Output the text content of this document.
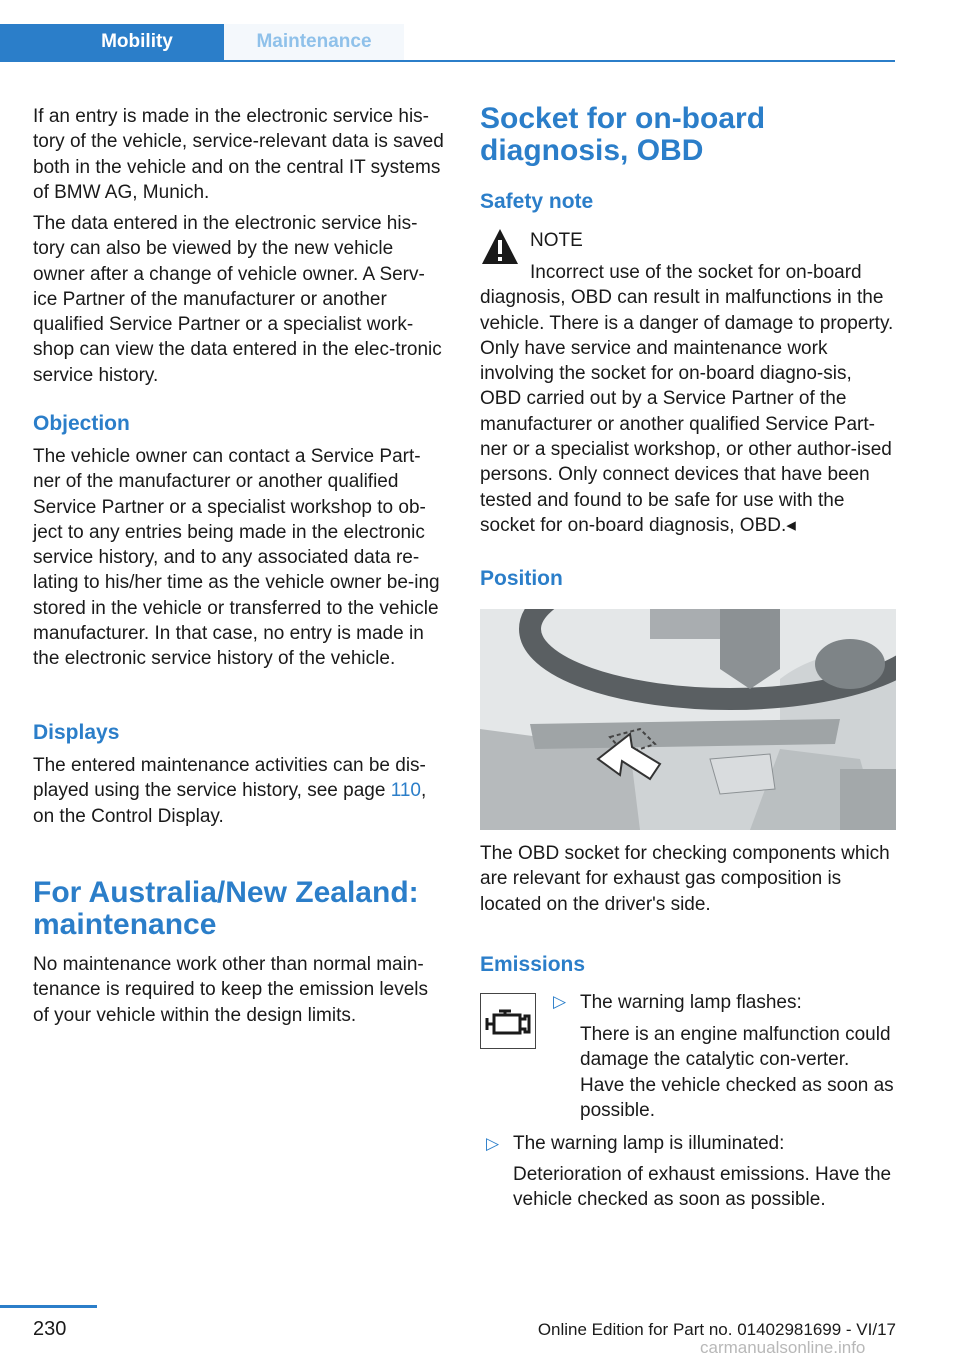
Mobility	Maintenance

If an entry is made in the electronic service his-tory of the vehicle, service-relevant data is saved both in the vehicle and on the central IT systems of BMW AG, Munich.

The data entered in the electronic service his-tory can also be viewed by the new vehicle owner after a change of vehicle owner. A Serv-ice Partner of the manufacturer or another qualified Service Partner or a specialist work-shop can view the data entered in the elec-tronic service history.

Objection

The vehicle owner can contact a Service Part-ner of the manufacturer or another qualified Service Partner or a specialist workshop to ob-ject to any entries being made in the electronic service history, and to any associated data re-lating to his/her time as the vehicle owner be-ing stored in the vehicle or transferred to the vehicle manufacturer. In that case, no entry is made in the electronic service history of the vehicle.

Displays

The entered maintenance activities can be dis-played using the service history, see page 110, on the Control Display.

For Australia/New Zealand: maintenance

No maintenance work other than normal main-tenance is required to keep the emission levels of your vehicle within the design limits.

Socket for on-board diagnosis, OBD
Safety note

NOTE

Incorrect use of the socket for on-board diagnosis, OBD can result in malfunctions in the vehicle. There is a danger of damage to property. Only have service and maintenance work involving the socket for on-board diagno-sis, OBD carried out by a Service Partner of the manufacturer or another qualified Service Part-ner or a specialist workshop, or other author-ised persons. Only connect devices that have been tested and found to be safe for use with the socket for on-board diagnosis, OBD.◂

Position

The OBD socket for checking components which are relevant for exhaust gas composition is located on the driver's side.

Emissions
▷ The warning lamp flashes:

There is an engine malfunction could damage the catalytic con-verter. Have the vehicle checked as soon as possible.

▷ The warning lamp is illuminated:

Deterioration of exhaust emissions. Have the vehicle checked as soon as possible.

230	Online Edition for Part no. 01402981699 - VI/17
carmanualsonline.info
